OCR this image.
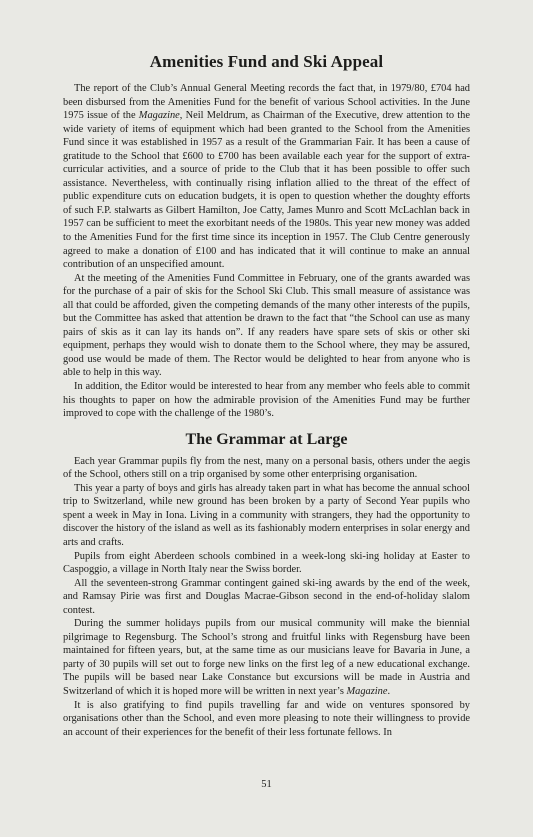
Amenities Fund and Ski Appeal

The report of the Club’s Annual General Meeting records the fact that, in 1979/80, £704 had been disbursed from the Amenities Fund for the benefit of various School activities. In the June 1975 issue of the Magazine, Neil Meldrum, as Chairman of the Executive, drew attention to the wide variety of items of equipment which had been granted to the School from the Amenities Fund since it was established in 1957 as a result of the Grammarian Fair. It has been a cause of gratitude to the School that £600 to £700 has been available each year for the support of extra-curricular activities, and a source of pride to the Club that it has been possible to offer such assistance. Nevertheless, with continually rising inflation allied to the threat of the effect of public expenditure cuts on education budgets, it is open to question whether the doughty efforts of such F.P. stalwarts as Gilbert Hamilton, Joe Catty, James Munro and Scott McLachlan back in 1957 can be sufficient to meet the exorbitant needs of the 1980s. This year new money was added to the Amenities Fund for the first time since its inception in 1957. The Club Centre generously agreed to make a donation of £100 and has indicated that it will continue to make an annual contribution of an unspecified amount.

At the meeting of the Amenities Fund Committee in February, one of the grants awarded was for the purchase of a pair of skis for the School Ski Club. This small measure of assistance was all that could be afforded, given the competing demands of the many other interests of the pupils, but the Committee has asked that attention be drawn to the fact that “the School can use as many pairs of skis as it can lay its hands on”. If any readers have spare sets of skis or other ski equipment, perhaps they would wish to donate them to the School where, they may be assured, good use would be made of them. The Rector would be delighted to hear from anyone who is able to help in this way.

In addition, the Editor would be interested to hear from any member who feels able to commit his thoughts to paper on how the admirable provision of the Amenities Fund may be further improved to cope with the challenge of the 1980’s.

The Grammar at Large

Each year Grammar pupils fly from the nest, many on a personal basis, others under the aegis of the School, others still on a trip organised by some other enterprising organisation.

This year a party of boys and girls has already taken part in what has become the annual school trip to Switzerland, while new ground has been broken by a party of Second Year pupils who spent a week in May in Iona. Living in a community with strangers, they had the opportunity to discover the history of the island as well as its fashionably modern enterprises in solar energy and arts and crafts.

Pupils from eight Aberdeen schools combined in a week-long ski-ing holiday at Easter to Caspoggio, a village in North Italy near the Swiss border.

All the seventeen-strong Grammar contingent gained ski-ing awards by the end of the week, and Ramsay Pirie was first and Douglas Macrae-Gibson second in the end-of-holiday slalom contest.

During the summer holidays pupils from our musical community will make the biennial pilgrimage to Regensburg. The School’s strong and fruitful links with Regensburg have been maintained for fifteen years, but, at the same time as our musicians leave for Bavaria in June, a party of 30 pupils will set out to forge new links on the first leg of a new educational exchange. The pupils will be based near Lake Constance but excursions will be made in Austria and Switzerland of which it is hoped more will be written in next year’s Magazine.

It is also gratifying to find pupils travelling far and wide on ventures sponsored by organisations other than the School, and even more pleasing to note their willingness to provide an account of their experiences for the benefit of their less fortunate fellows. In

51
